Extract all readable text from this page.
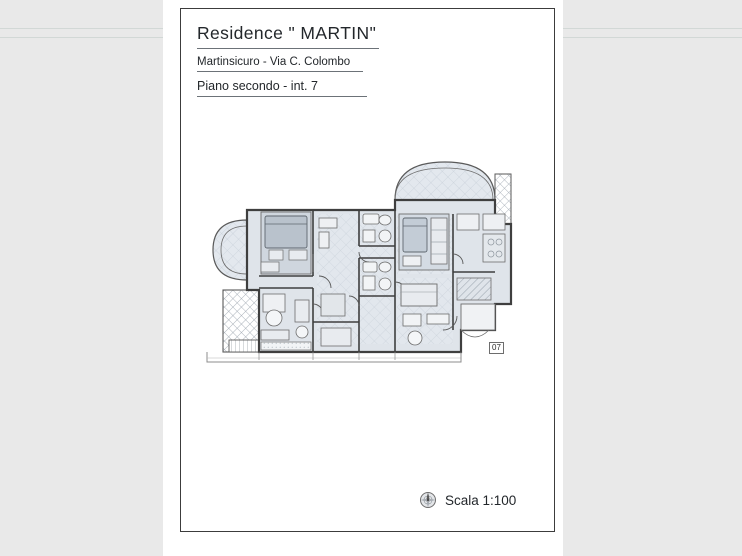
Residence " MARTIN"
Martinsicuro - Via C. Colombo
Piano secondo - int. 7
07
Scala 1:100
